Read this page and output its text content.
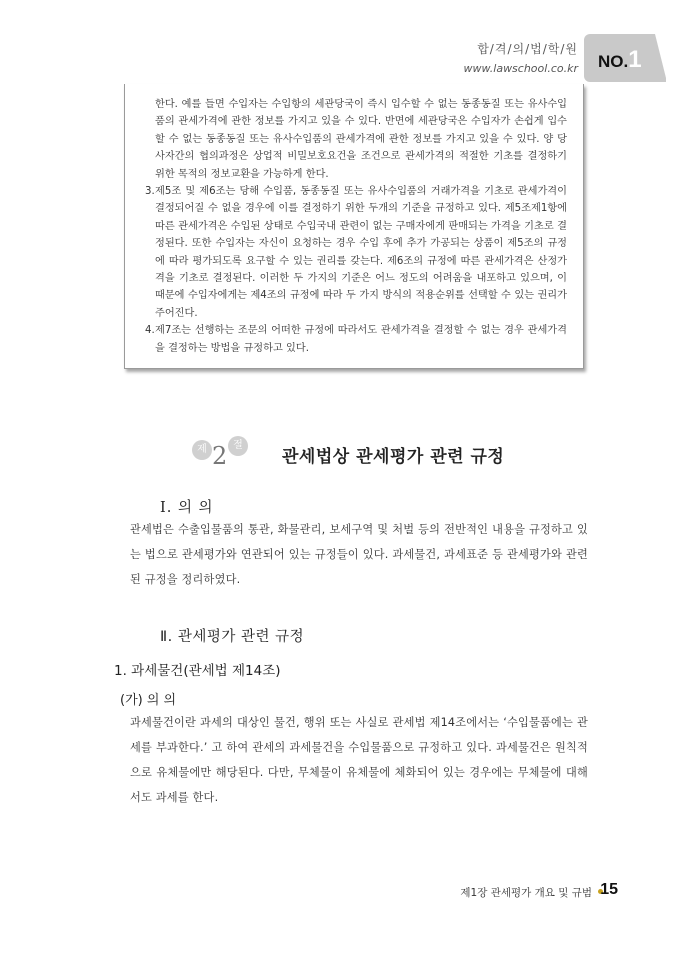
합/격/의/법/학/원
www.lawschool.co.kr NO.1

한다. 예를 들면 수입자는 수입항의 세관당국이 즉시 입수할 수 없는 동종동질 또는 유사수입품의 관세가격에 관한 정보를 가지고 있을 수 있다. 반면에 세관당국은 수입자가 손쉽게 입수할 수 없는 동종동질 또는 유사수입품의 관세가격에 관한 정보를 가지고 있을 수 있다. 양 당사자간의 협의과정은 상업적 비밀보호요건을 조건으로 관세가격의 적절한 기초를 결정하기 위한 목적의 정보교환을 가능하게 한다.

3. 제5조 및 제6조는 당해 수입품, 동종동질 또는 유사수입품의 거래가격을 기초로 관세가격이 결정되어질 수 없을 경우에 이를 결정하기 위한 두개의 기준을 규정하고 있다. 제5조제1항에 따른 관세가격은 수입된 상태로 수입국내 관련이 없는 구매자에게 판매되는 가격을 기초로 결정된다. 또한 수입자는 자신이 요청하는 경우 수입 후에 추가 가공되는 상품이 제5조의 규정에 따라 평가되도록 요구할 수 있는 권리를 갖는다. 제6조의 규정에 따른 관세가격은 산정가격을 기초로 결정된다. 이러한 두 가지의 기준은 어느 정도의 어려움을 내포하고 있으며, 이 때문에 수입자에게는 제4조의 규정에 따라 두 가지 방식의 적용순위를 선택할 수 있는 권리가 주어진다.

4. 제7조는 선행하는 조문의 어떠한 규정에 따라서도 관세가격을 결정할 수 없는 경우 관세가격을 결정하는 방법을 규정하고 있다.

제 2 절
관세법상 관세평가 관련 규정
Ⅰ. 의 의

관세법은 수출입물품의 통관, 화물관리, 보세구역 및 처벌 등의 전반적인 내용을 규정하고 있는 법으로 관세평가와 연관되어 있는 규정들이 있다. 과세물건, 과세표준 등 관세평가와 관련된 규정을 정리하였다.

Ⅱ. 관세평가 관련 규정
1. 과세물건(관세법 제14조)
(가) 의 의

과세물건이란 과세의 대상인 물건, 행위 또는 사실로 관세법 제14조에서는 ‘수입물품에는 관세를 부과한다.’ 고 하여 관세의 과세물건을 수입물품으로 규정하고 있다. 과세물건은 원칙적으로 유체물에만 해당된다. 다만, 무체물이 유체물에 체화되어 있는 경우에는 무체물에 대해서도 과세를 한다.

제1장 관세평가 개요 및 규범 15
